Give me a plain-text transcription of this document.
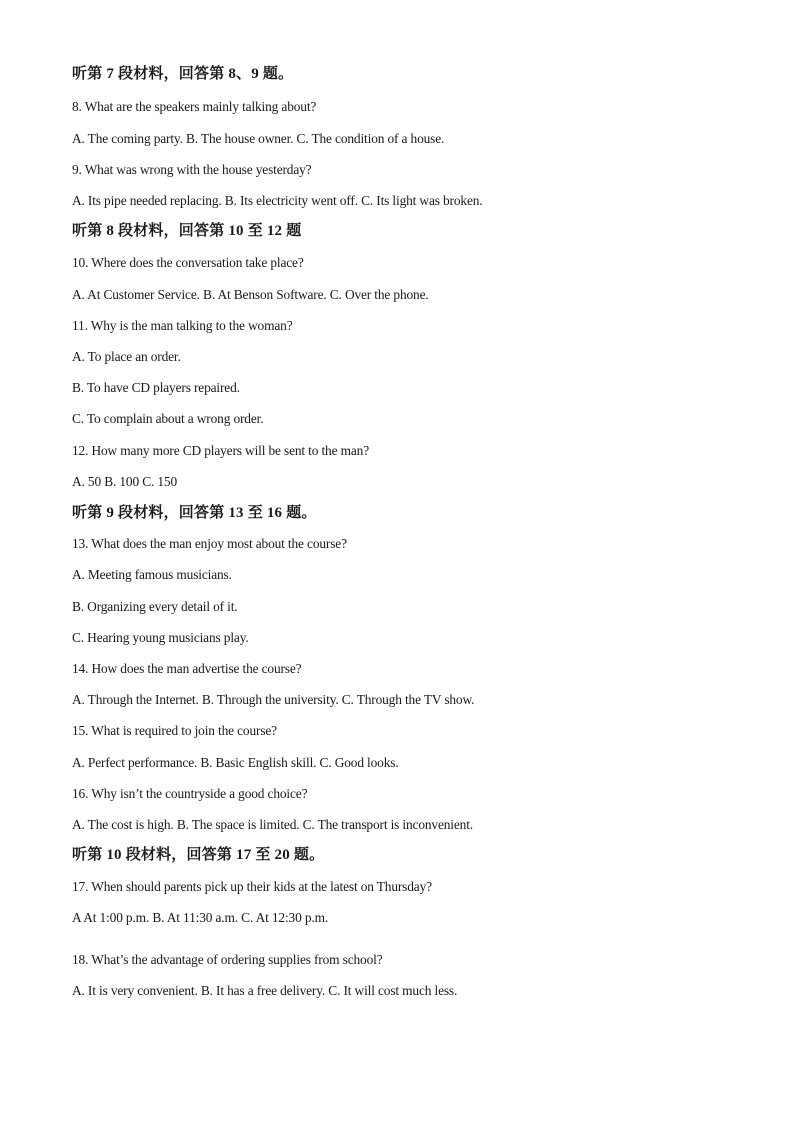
听第 7 段材料，回答第 8、9 题。
8. What are the speakers mainly talking about?
A. The coming party. B. The house owner. C. The condition of a house.
9. What was wrong with the house yesterday?
A. Its pipe needed replacing. B. Its electricity went off. C. Its light was broken.
听第 8 段材料，回答第 10 至 12 题
10. Where does the conversation take place?
A. At Customer Service. B. At Benson Software. C. Over the phone.
11. Why is the man talking to the woman?
A. To place an order.
B. To have CD players repaired.
C. To complain about a wrong order.
12. How many more CD players will be sent to the man?
A. 50 B. 100 C. 150
听第 9 段材料，回答第 13 至 16 题。
13. What does the man enjoy most about the course?
A. Meeting famous musicians.
B. Organizing every detail of it.
C. Hearing young musicians play.
14. How does the man advertise the course?
A. Through the Internet. B. Through the university. C. Through the TV show.
15. What is required to join the course?
A. Perfect performance. B. Basic English skill. C. Good looks.
16. Why isn’t the countryside a good choice?
A. The cost is high. B. The space is limited. C. The transport is inconvenient.
听第 10 段材料，回答第 17 至 20 题。
17. When should parents pick up their kids at the latest on Thursday?
A At 1:00 p.m. B. At 11:30 a.m. C. At 12:30 p.m.
18. What’s the advantage of ordering supplies from school?
A. It is very convenient. B. It has a free delivery. C. It will cost much less.
